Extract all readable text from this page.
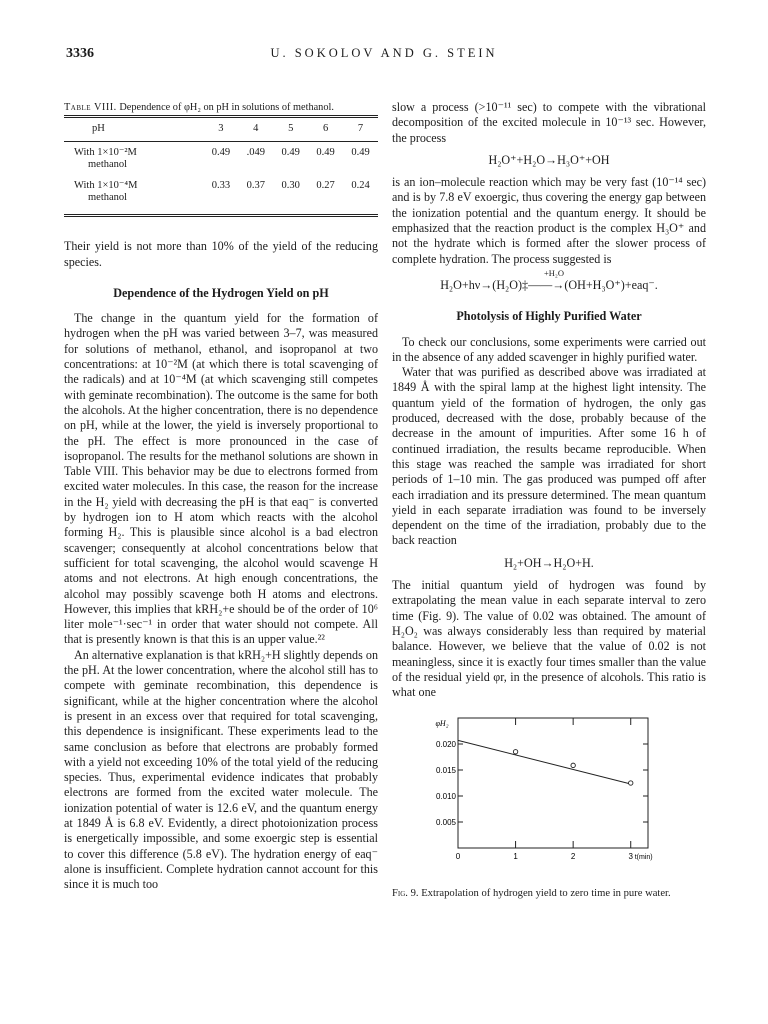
3336	U. SOKOLOV AND G. STEIN

Table VIII. Dependence of φH₂ on pH in solutions of methanol.

pH	3	4	5	6	7
With 1×10⁻²M
methanol	0.49	.049	0.49	0.49	0.49
With 1×10⁻⁴M
methanol	0.33	0.37	0.30	0.27	0.24

Their yield is not more than 10% of the yield of the reducing species.

Dependence of the Hydrogen Yield on pH

The change in the quantum yield for the formation of hydrogen when the pH was varied between 3–7, was measured for solutions of methanol, ethanol, and isopropanol at two concentrations: at 10⁻²M (at which there is total scavenging of the radicals) and at 10⁻⁴M (at which scavenging still competes with geminate recombination). The outcome is the same for both the alcohols. At the higher concentration, there is no dependence on pH, while at the lower, the yield is inversely proportional to the pH. The effect is more pronounced in the case of isopropanol. The results for the methanol solutions are shown in Table VIII. This behavior may be due to electrons formed from excited water molecules. In this case, the reason for the increase in the H₂ yield with decreasing the pH is that eaq⁻ is converted by hydrogen ion to H atom which reacts with the alcohol forming H₂. This is plausible since alcohol is a bad electron scavenger; consequently at alcohol concentrations below that sufficient for total scavenging, the alcohol would scavenge H atoms and not electrons. At high enough concentrations, the alcohol may possibly scavenge both H atoms and electrons. However, this implies that kRH₂+e should be of the order of 10⁶ liter mole⁻¹·sec⁻¹ in order that water should not compete. All that is presently known is that this is an upper value.²²

An alternative explanation is that kRH₂+H slightly depends on the pH. At the lower concentration, where the alcohol still has to compete with geminate recombination, this dependence is significant, while at the higher concentration where the alcohol is present in an excess over that required for total scavenging, this dependence is insignificant. These experiments lead to the same conclusion as before that electrons are probably formed with a yield not exceeding 10% of the total yield of the reducing species. Thus, experimental evidence indicates that probably electrons are formed from the excited water molecule. The ionization potential of water is 12.6 eV, and the quantum energy at 1849 Å is 6.8 eV. Evidently, a direct photoionization process is energetically impossible, and some exoergic step is essential to cover this difference (5.8 eV). The hydration energy of eaq⁻ alone is insufficient. Complete hydration cannot account for this since it is much too

slow a process (>10⁻¹¹ sec) to compete with the vibrational decomposition of the excited molecule in 10⁻¹³ sec. However, the process

H₂O⁺+H₂O→H₃O⁺+OH

is an ion–molecule reaction which may be very fast (10⁻¹⁴ sec) and is by 7.8 eV exoergic, thus covering the energy gap between the ionization potential and the quantum energy. It should be emphasized that the reaction product is the complex H₃O⁺ and not the hydrate which is formed after the slower process of complete hydration. The process suggested is

+H₂O
H₂O+hν→(H₂O)‡——→(OH+H₃O⁺)+eaq⁻.
Photolysis of Highly Purified Water

To check our conclusions, some experiments were carried out in the absence of any added scavenger in highly purified water.

Water that was purified as described above was irradiated at 1849 Å with the spiral lamp at the highest light intensity. The quantum yield of the formation of hydrogen, the only gas produced, decreased with the dose, probably because of the decrease in the amount of impurities. After some 16 h of continued irradiation, the results became reproducible. When this stage was reached the sample was irradiated for short periods of 1–10 min. The gas produced was pumped off after each irradiation and its pressure determined. The mean quantum yield in each separate irradiation was found to be inversely dependent on the time of the irradiation, probably due to the back reaction

H₂+OH→H₂O+H.

The initial quantum yield of hydrogen was found by extrapolating the mean value in each separate interval to zero time (Fig. 9). The value of 0.02 was obtained. The amount of H₂O₂ was always considerably less than required by material balance. However, we believe that the value of 0.02 is not meaningless, since it is exactly four times smaller than the value of the residual yield φr, in the presence of alcohols. This ratio is what one

0	1	2	3 t(min)
0.005
0.010
0.015
0.020
φH₂
Fig. 9. Extrapolation of hydrogen yield to zero time in pure water.
